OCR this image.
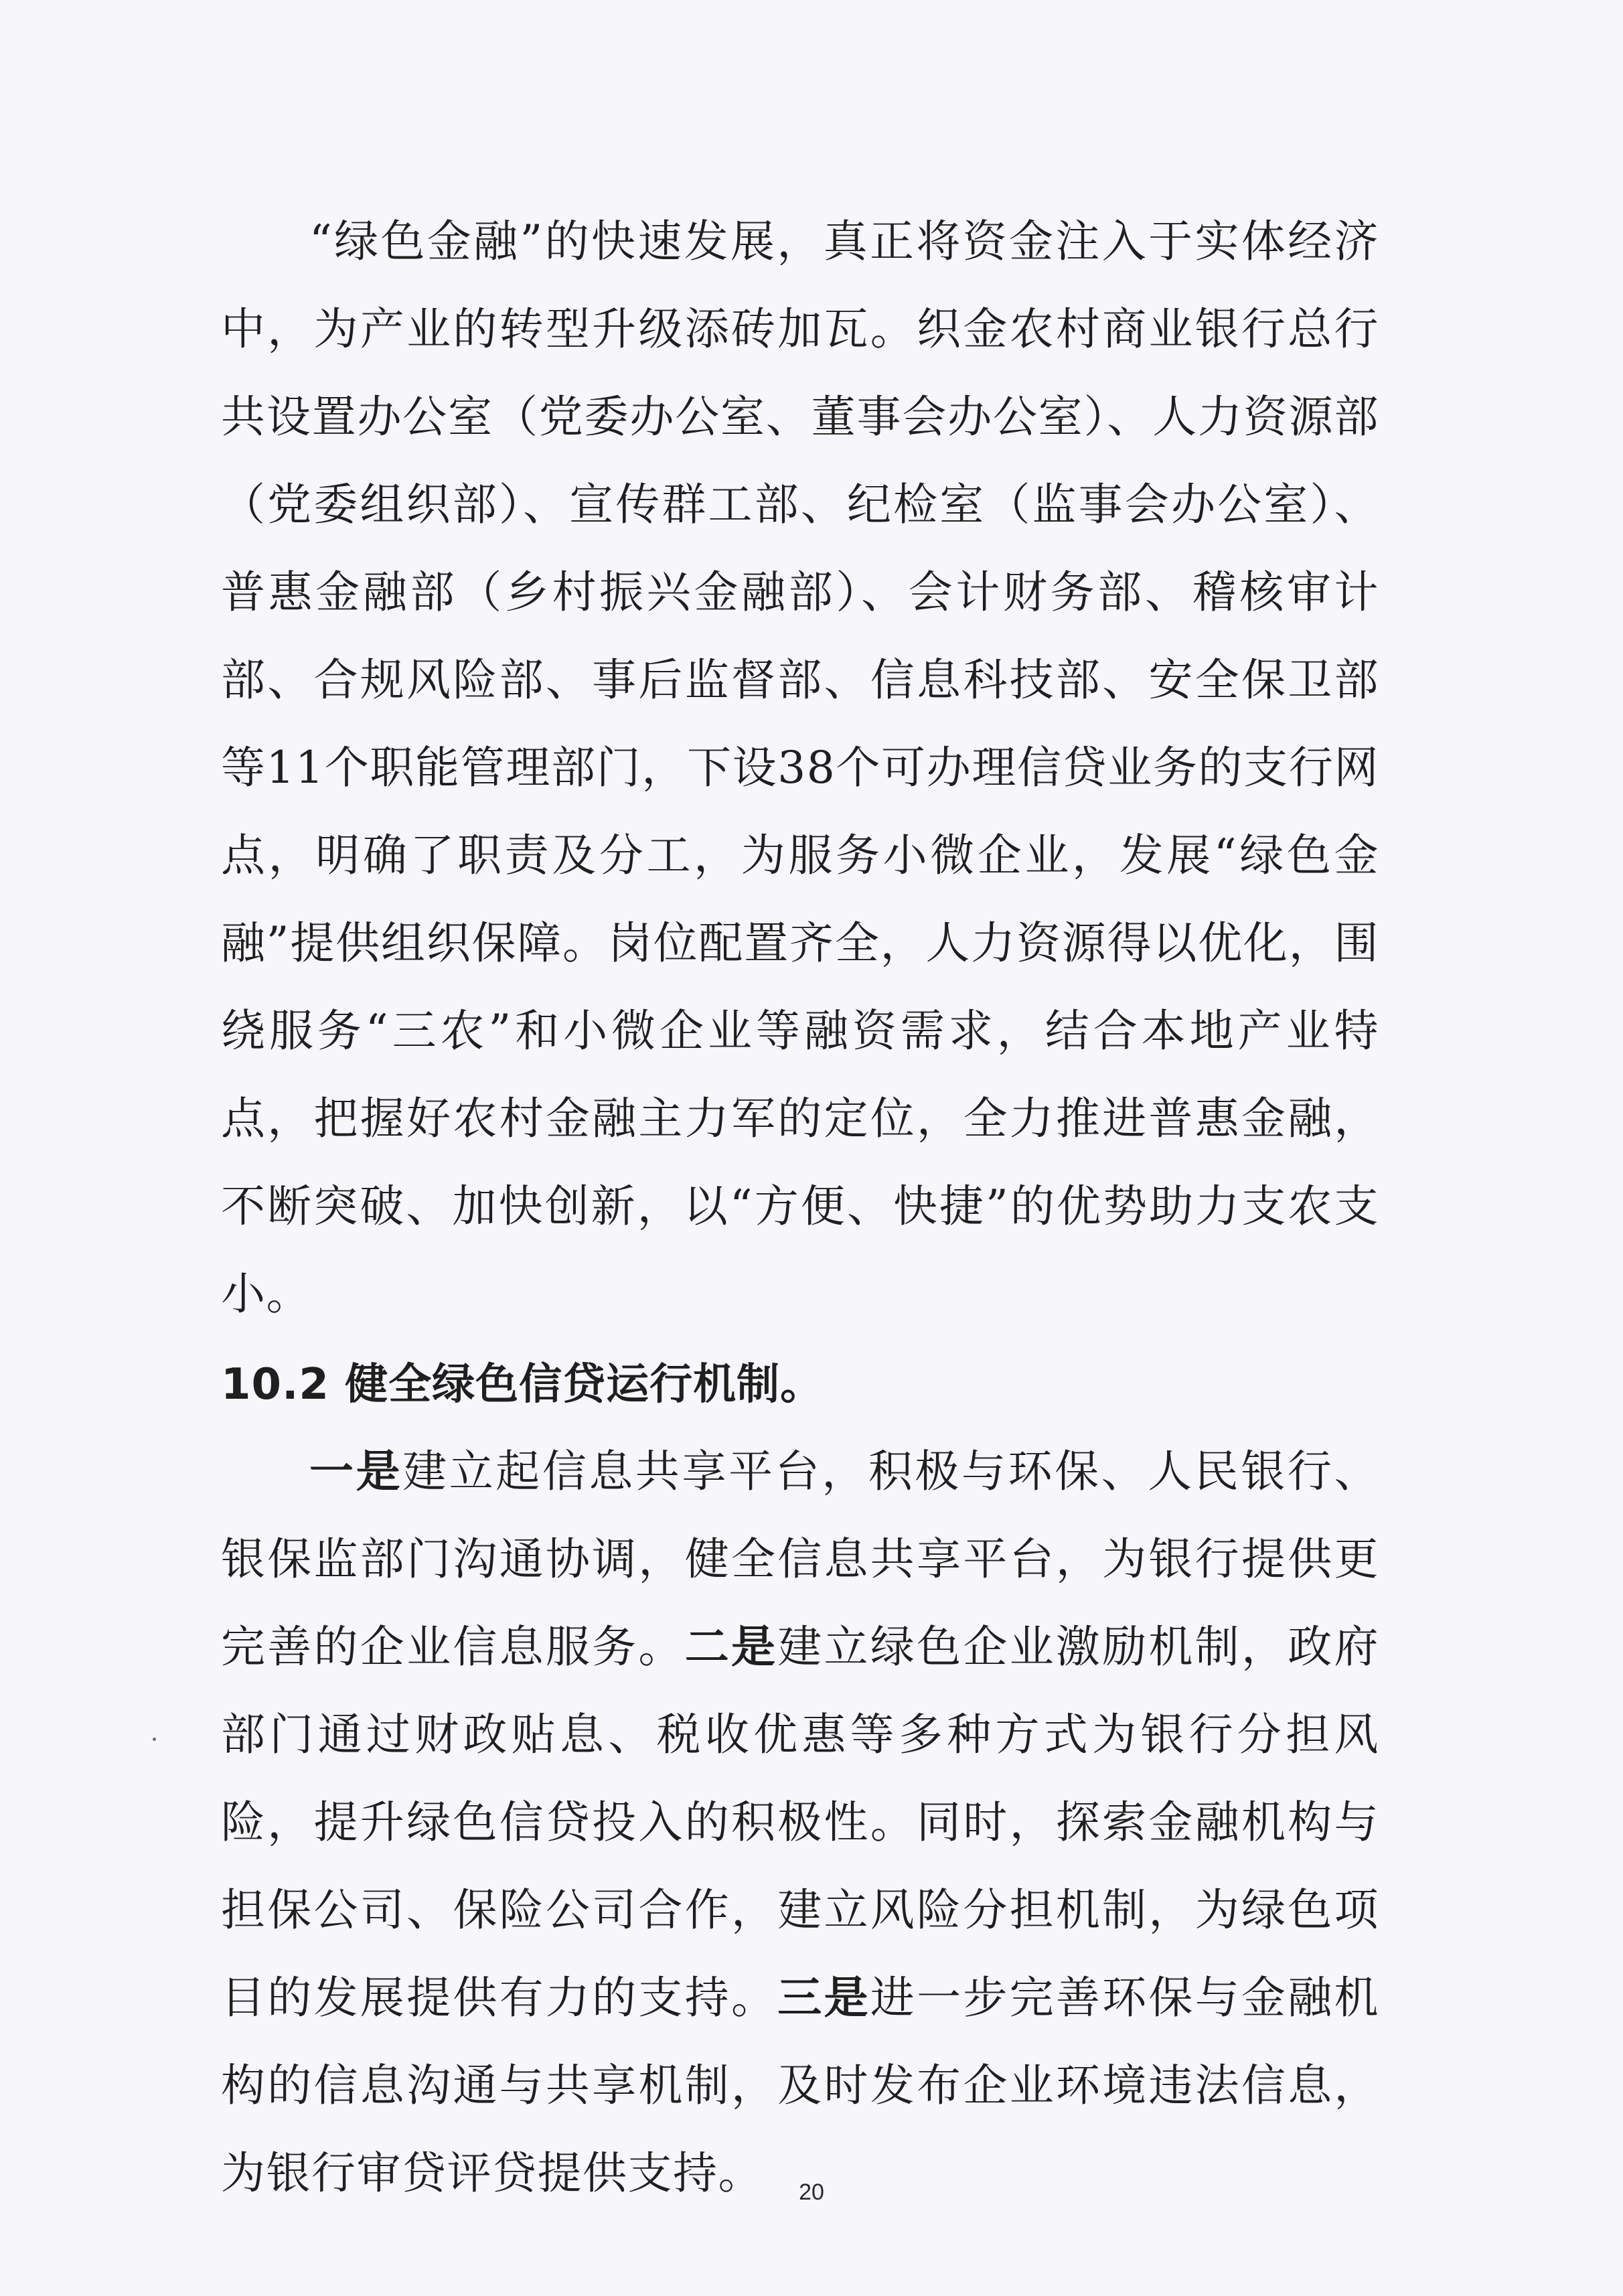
“绿色金融”的快速发展，真正将资金注入于实体经济中，为产业的转型升级添砖加瓦。织金农村商业银行总行共设置办公室（党委办公室、董事会办公室）、人力资源部（党委组织部）、宣传群工部、纪检室（监事会办公室）、普惠金融部（乡村振兴金融部）、会计财务部、稽核审计部、合规风险部、事后监督部、信息科技部、安全保卫部等11个职能管理部门，下设38个可办理信贷业务的支行网点，明确了职责及分工，为服务小微企业，发展“绿色金融”提供组织保障。岗位配置齐全，人力资源得以优化，围绕服务“三农”和小微企业等融资需求，结合本地产业特点，把握好农村金融主力军的定位，全力推进普惠金融，不断突破、加快创新，以“方便、快捷”的优势助力支农支小。

10.2 健全绿色信贷运行机制。

一是建立起信息共享平台，积极与环保、人民银行、银保监部门沟通协调，健全信息共享平台，为银行提供更完善的企业信息服务。二是建立绿色企业激励机制，政府部门通过财政贴息、税收优惠等多种方式为银行分担风险，提升绿色信贷投入的积极性。同时，探索金融机构与担保公司、保险公司合作，建立风险分担机制，为绿色项目的发展提供有力的支持。三是进一步完善环保与金融机构的信息沟通与共享机制，及时发布企业环境违法信息，为银行审贷评贷提供支持。	20
